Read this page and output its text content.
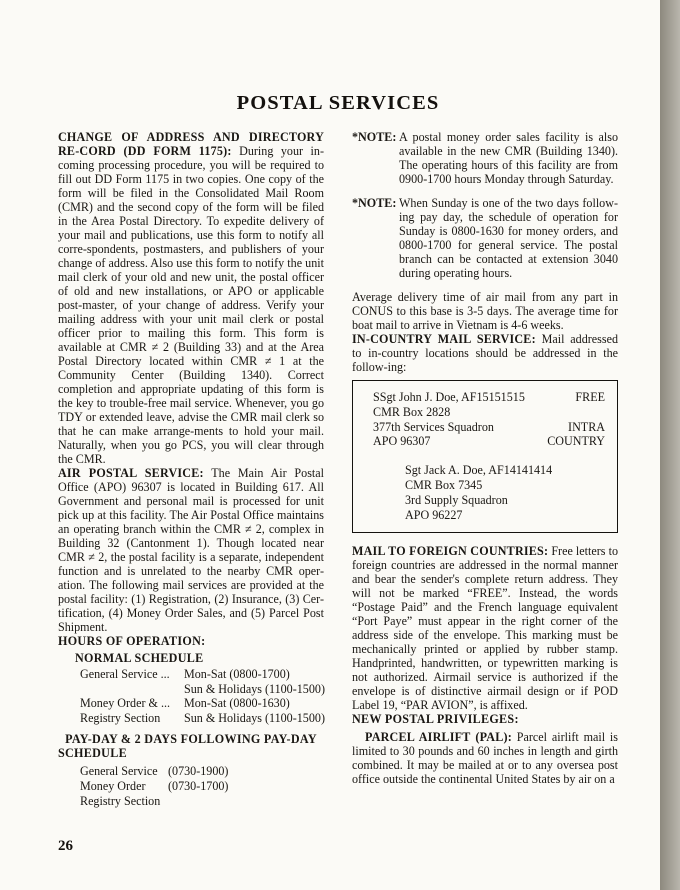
POSTAL SERVICES

CHANGE OF ADDRESS AND DIRECTORY RE-CORD (DD FORM 1175): During your in-coming processing procedure, you will be required to fill out DD Form 1175 in two copies. One copy of the form will be filed in the Consolidated Mail Room (CMR) and the second copy of the form will be filed in the Area Postal Directory. To expedite delivery of your mail and publications, use this form to notify all corre-spondents, postmasters, and publishers of your change of address. Also use this form to notify the unit mail clerk of your old and new unit, the postal officer of old and new installations, or APO or applicable post-master, of your change of address. Verify your mailing address with your unit mail clerk or postal officer prior to mailing this form. This form is available at CMR ≠ 2 (Building 33) and at the Area Postal Directory located within CMR ≠ 1 at the Community Center (Building 1340). Correct completion and appropriate updating of this form is the key to trouble-free mail service. Whenever, you go TDY or extended leave, advise the CMR mail clerk so that he can make arrange-ments to hold your mail. Naturally, when you go PCS, you will clear through the CMR.

AIR POSTAL SERVICE: The Main Air Postal Office (APO) 96307 is located in Building 617. All Government and personal mail is processed for unit pick up at this facility. The Air Postal Office maintains an operating branch within the CMR ≠ 2, complex in Building 32 (Cantonment 1). Though located near CMR ≠ 2, the postal facility is a separate, independent function and is unrelated to the nearby CMR oper-ation. The following mail services are provided at the postal facility: (1) Registration, (2) Insurance, (3) Cer-tification, (4) Money Order Sales, and (5) Parcel Post Shipment.

HOURS OF OPERATION:
NORMAL SCHEDULE
General Service ...	Mon-Sat (0800-1700)
Sun & Holidays (1100-1500)
Money Order & ...	Mon-Sat (0800-1630)
Registry Section	Sun & Holidays (1100-1500)
PAY-DAY & 2 DAYS FOLLOWING PAY-DAY
SCHEDULE
General Service (0730-1900)
Money Order	(0730-1700)
Registry Section
*NOTE: A postal money order sales facility is also available in the new CMR (Building 1340). The operating hours of this facility are from 0900-1700 hours Monday through Saturday.
*NOTE: When Sunday is one of the two days follow-ing pay day, the schedule of operation for Sunday is 0800-1630 for money orders, and 0800-1700 for general service. The postal branch can be contacted at extension 3040 during operating hours.

Average delivery time of air mail from any part in CONUS to this base is 3-5 days. The average time for boat mail to arrive in Vietnam is 4-6 weeks.

IN-COUNTRY MAIL SERVICE: Mail addressed to in-country locations should be addressed in the follow-ing:

SSgt John J. Doe, AF15151515
CMR Box 2828
377th Services Squadron
APO 96307
FREE
INTRA
COUNTRY
Sgt Jack A. Doe, AF14141414
CMR Box 7345
3rd Supply Squadron
APO 96227

MAIL TO FOREIGN COUNTRIES: Free letters to foreign countries are addressed in the normal manner and bear the sender's complete return address. They will not be marked “FREE”. Instead, the words “Postage Paid” and the French language equivalent “Port Paye” must appear in the right corner of the address side of the envelope. This marking must be mechanically printed or applied by rubber stamp. Handprinted, handwritten, or typewritten marking is not authorized. Airmail service is authorized if the envelope is of distinctive airmail design or if POD Label 19, “PAR AVION”, is affixed.

NEW POSTAL PRIVILEGES:

PARCEL AIRLIFT (PAL): Parcel airlift mail is limited to 30 pounds and 60 inches in length and girth combined. It may be mailed at or to any oversea post office outside the continental United States by air on a

26
